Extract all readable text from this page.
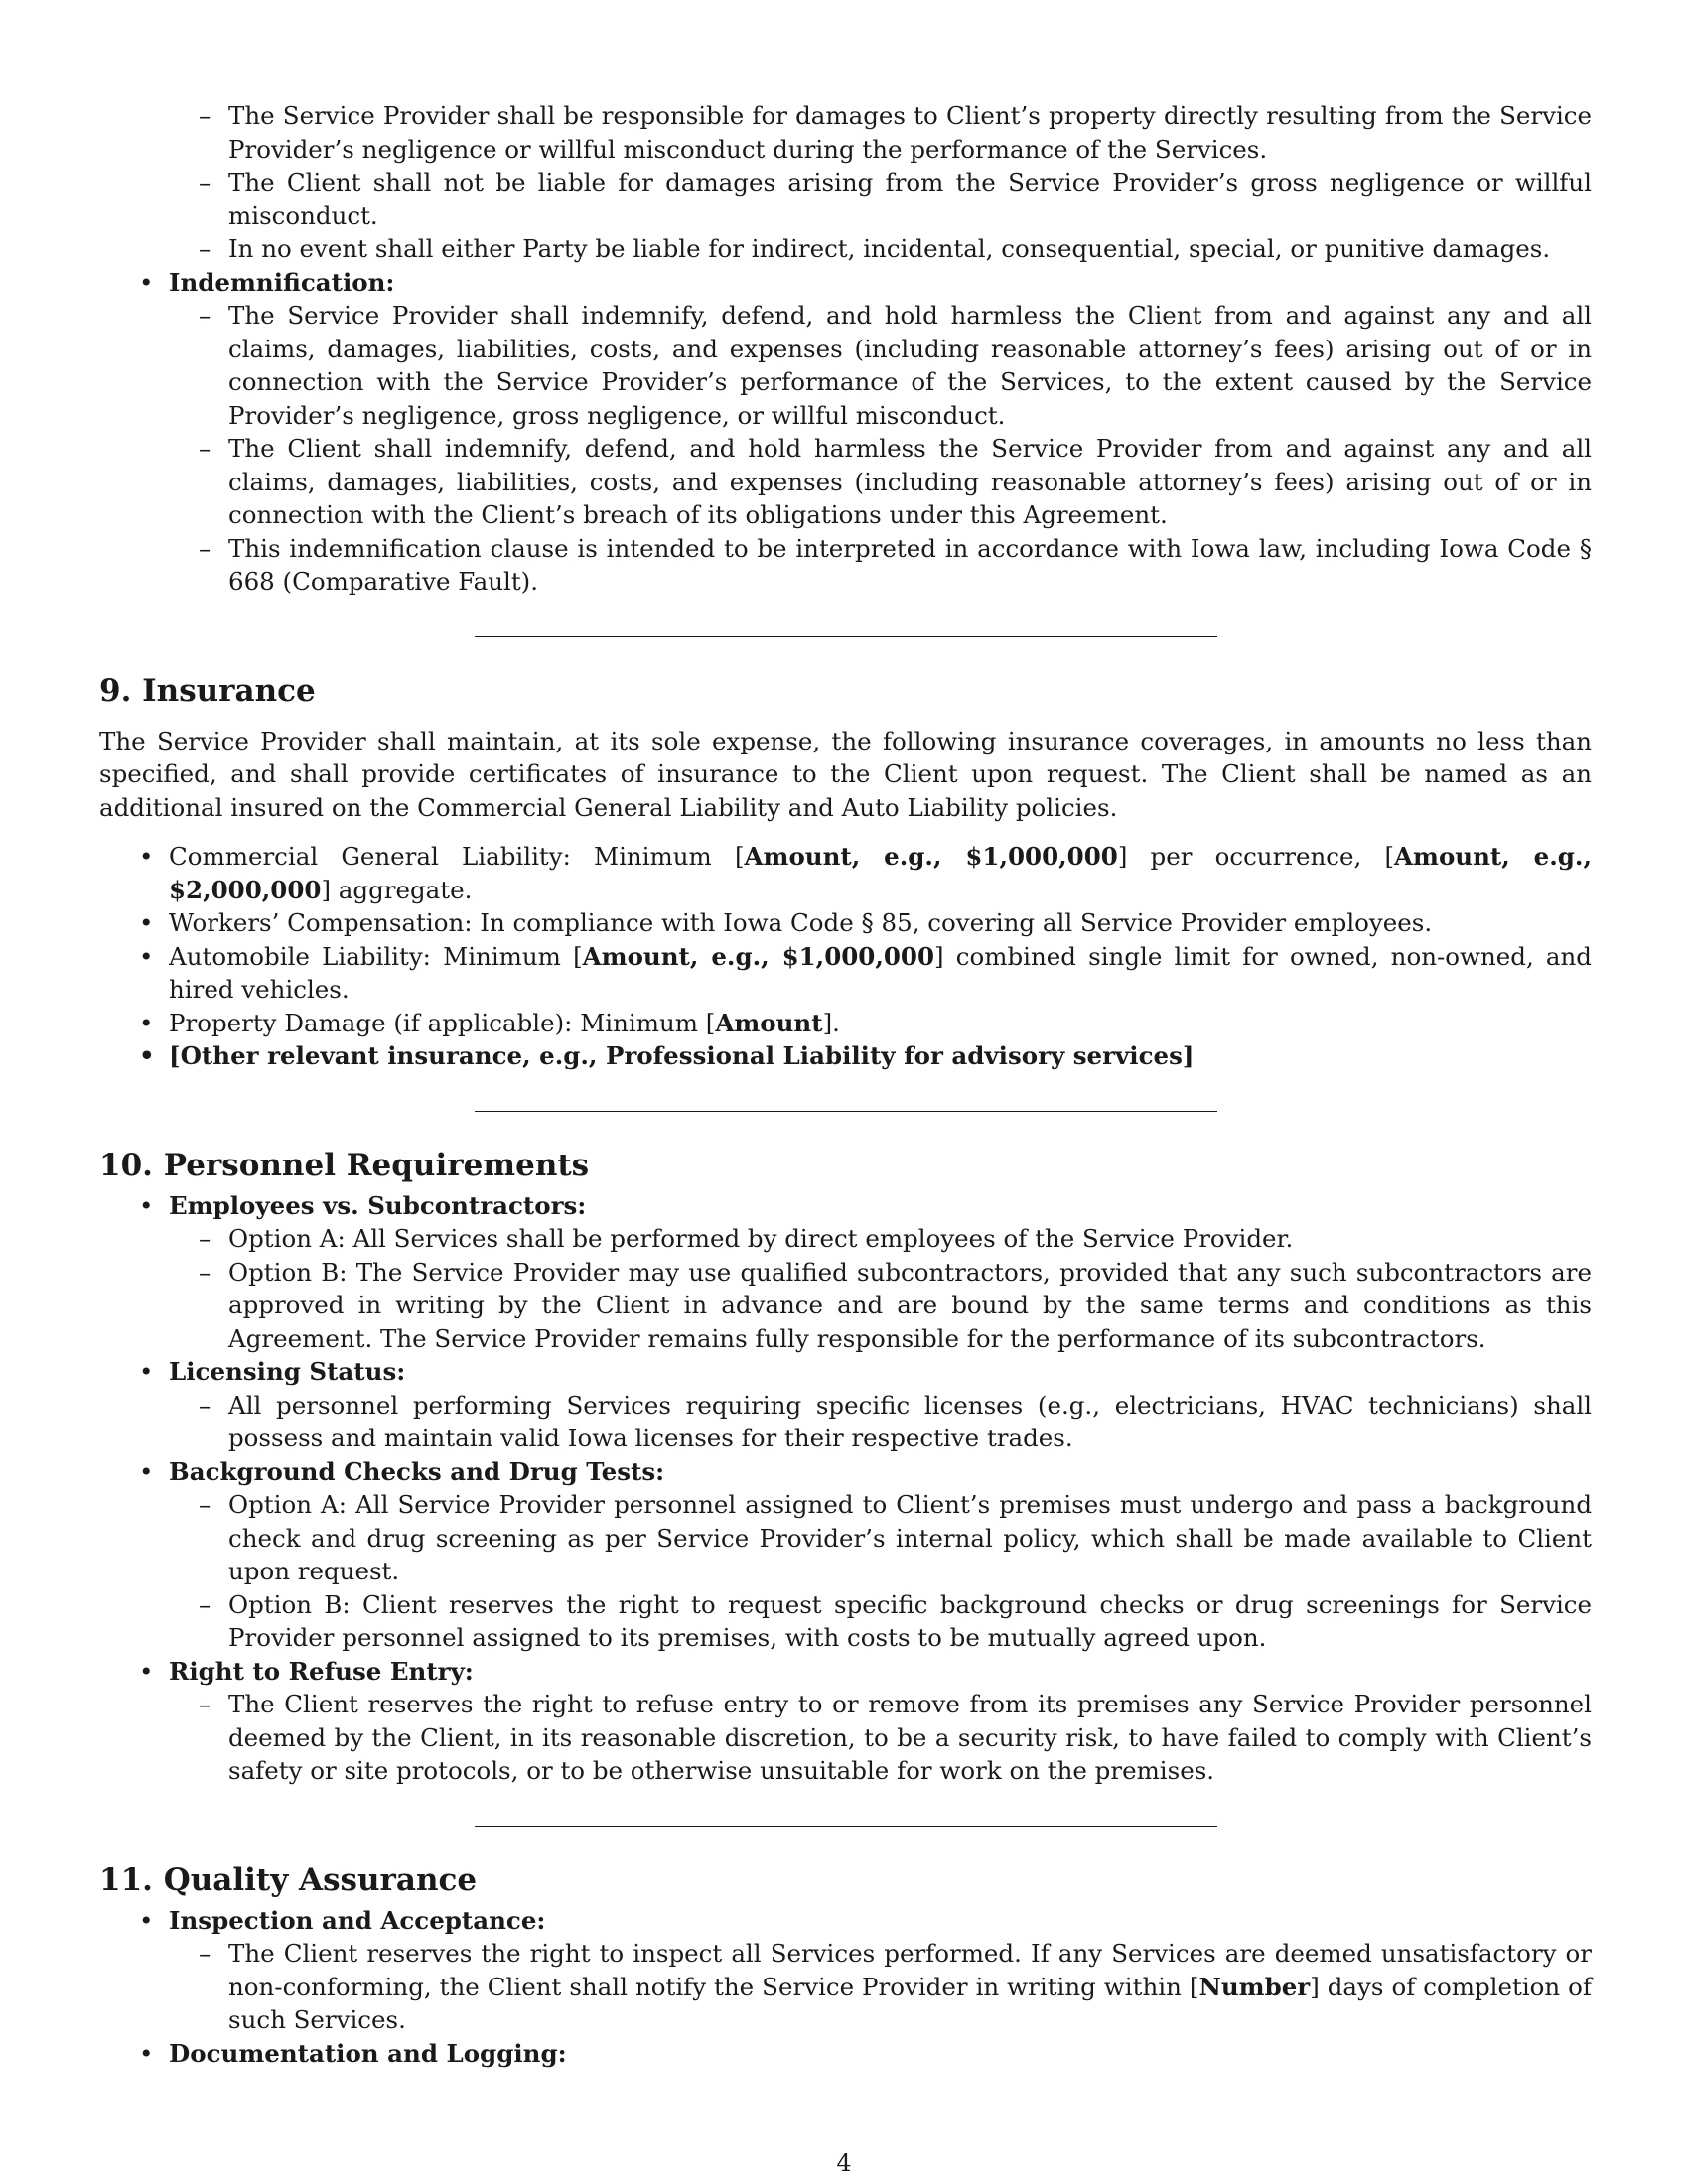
– The Service Provider shall be responsible for damages to Client’s property directly resulting from the Service Provider’s negligence or willful misconduct during the performance of the Services.
– The Client shall not be liable for damages arising from the Service Provider’s gross negligence or willful misconduct.
– In no event shall either Party be liable for indirect, incidental, consequential, special, or punitive damages.
• Indemnification:
– The Service Provider shall indemnify, defend, and hold harmless the Client from and against any and all claims, damages, liabilities, costs, and expenses (including reasonable attorney’s fees) arising out of or in connection with the Service Provider’s performance of the Services, to the extent caused by the Service Provider’s negligence, gross negligence, or willful misconduct.
– The Client shall indemnify, defend, and hold harmless the Service Provider from and against any and all claims, damages, liabilities, costs, and expenses (including reasonable attorney’s fees) arising out of or in connection with the Client’s breach of its obligations under this Agreement.
– This indemnification clause is intended to be interpreted in accordance with Iowa law, including Iowa Code § 668 (Comparative Fault).
9. Insurance

The Service Provider shall maintain, at its sole expense, the following insurance coverages, in amounts no less than specified, and shall provide certificates of insurance to the Client upon request. The Client shall be named as an additional insured on the Commercial General Liability and Auto Liability policies.

• Commercial General Liability: Minimum [Amount, e.g., $1,000,000] per occurrence, [Amount, e.g., $2,000,000] aggregate.
• Workers’ Compensation: In compliance with Iowa Code § 85, covering all Service Provider employees.
• Automobile Liability: Minimum [Amount, e.g., $1,000,000] combined single limit for owned, non-owned, and hired vehicles.
• Property Damage (if applicable): Minimum [Amount].
• [Other relevant insurance, e.g., Professional Liability for advisory services]
10. Personnel Requirements
• Employees vs. Subcontractors:
– Option A: All Services shall be performed by direct employees of the Service Provider.
– Option B: The Service Provider may use qualified subcontractors, provided that any such subcontractors are approved in writing by the Client in advance and are bound by the same terms and conditions as this Agreement. The Service Provider remains fully responsible for the performance of its subcontractors.
• Licensing Status:
– All personnel performing Services requiring specific licenses (e.g., electricians, HVAC technicians) shall possess and maintain valid Iowa licenses for their respective trades.
• Background Checks and Drug Tests:
– Option A: All Service Provider personnel assigned to Client’s premises must undergo and pass a background check and drug screening as per Service Provider’s internal policy, which shall be made available to Client upon request.
– Option B: Client reserves the right to request specific background checks or drug screenings for Service Provider personnel assigned to its premises, with costs to be mutually agreed upon.
• Right to Refuse Entry:
– The Client reserves the right to refuse entry to or remove from its premises any Service Provider personnel deemed by the Client, in its reasonable discretion, to be a security risk, to have failed to comply with Client’s safety or site protocols, or to be otherwise unsuitable for work on the premises.
11. Quality Assurance
• Inspection and Acceptance:
– The Client reserves the right to inspect all Services performed. If any Services are deemed unsatisfactory or non-conforming, the Client shall notify the Service Provider in writing within [Number] days of completion of such Services.
• Documentation and Logging:
4
